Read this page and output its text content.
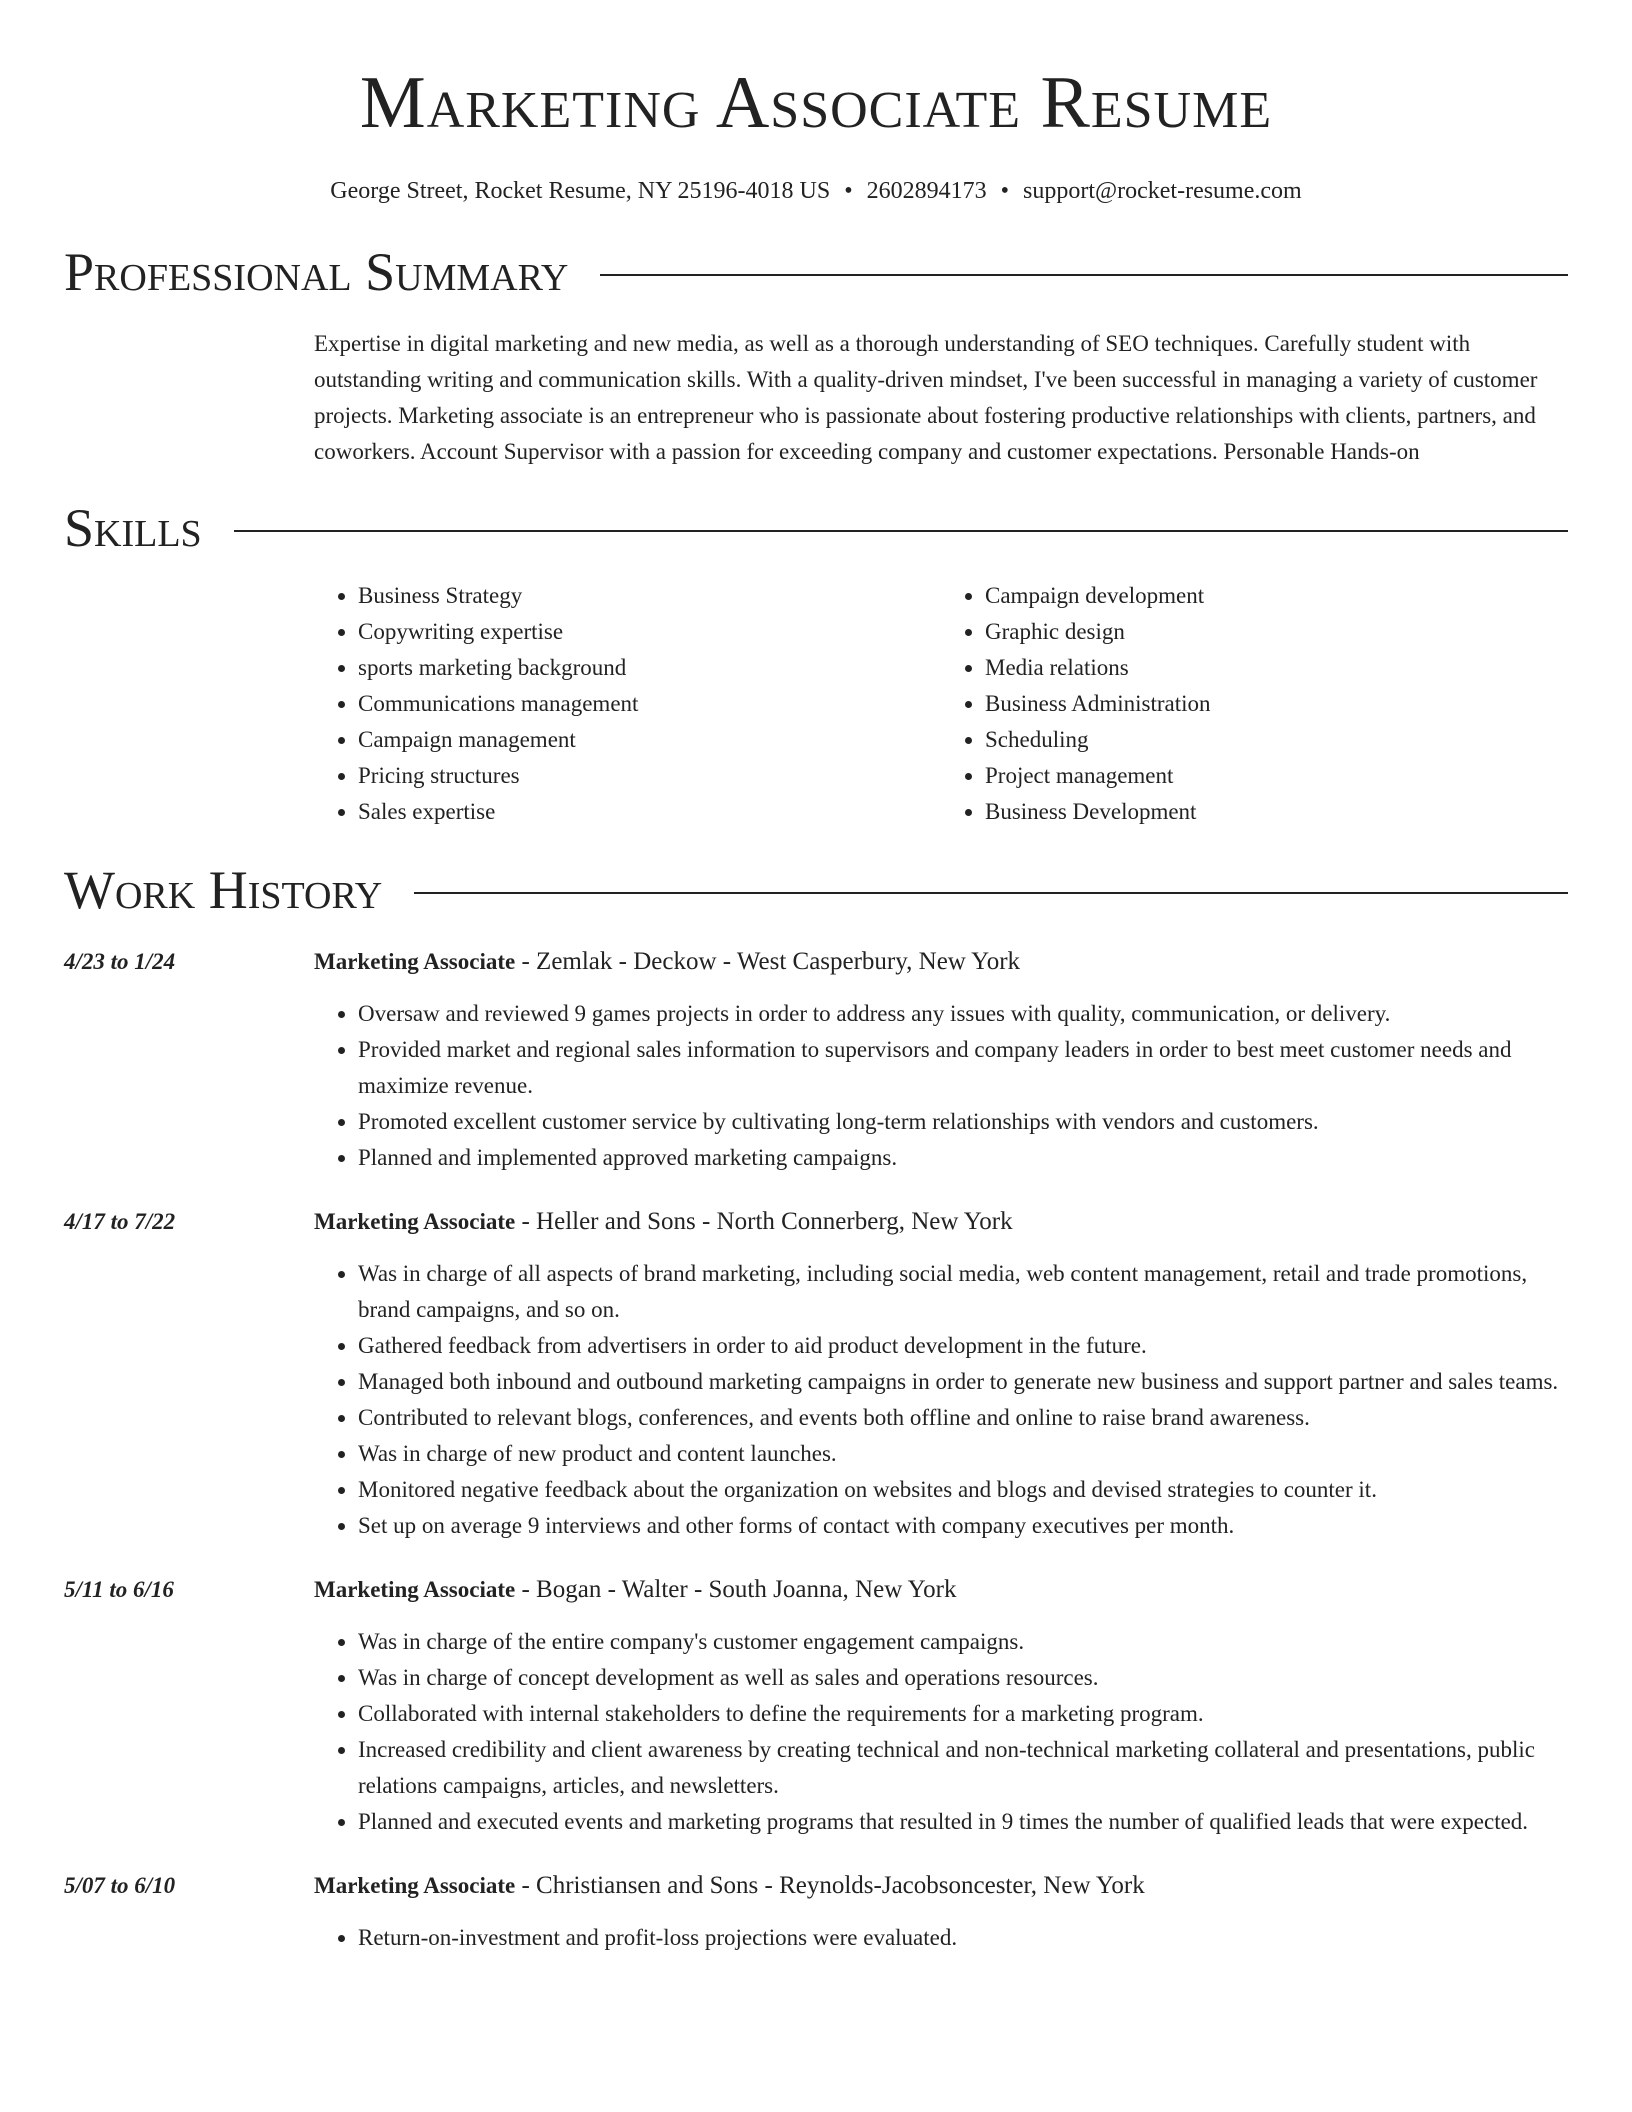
Marketing Associate Resume
George Street, Rocket Resume, NY 25196-4018 US • 2602894173 • support@rocket-resume.com
Professional Summary
Expertise in digital marketing and new media, as well as a thorough understanding of SEO techniques. Carefully student with outstanding writing and communication skills. With a quality-driven mindset, I've been successful in managing a variety of customer projects. Marketing associate is an entrepreneur who is passionate about fostering productive relationships with clients, partners, and coworkers. Account Supervisor with a passion for exceeding company and customer expectations. Personable Hands-on
Skills
• Business Strategy
• Copywriting expertise
• sports marketing background
• Communications management
• Campaign management
• Pricing structures
• Sales expertise
• Campaign development
• Graphic design
• Media relations
• Business Administration
• Scheduling
• Project management
• Business Development
Work History
4/23 to 1/24	Marketing Associate - Zemlak - Deckow - West Casperbury, New York
• Oversaw and reviewed 9 games projects in order to address any issues with quality, communication, or delivery.
• Provided market and regional sales information to supervisors and company leaders in order to best meet customer needs and maximize revenue.
• Promoted excellent customer service by cultivating long-term relationships with vendors and customers.
• Planned and implemented approved marketing campaigns.
4/17 to 7/22	Marketing Associate - Heller and Sons - North Connerberg, New York
• Was in charge of all aspects of brand marketing, including social media, web content management, retail and trade promotions, brand campaigns, and so on.
• Gathered feedback from advertisers in order to aid product development in the future.
• Managed both inbound and outbound marketing campaigns in order to generate new business and support partner and sales teams.
• Contributed to relevant blogs, conferences, and events both offline and online to raise brand awareness.
• Was in charge of new product and content launches.
• Monitored negative feedback about the organization on websites and blogs and devised strategies to counter it.
• Set up on average 9 interviews and other forms of contact with company executives per month.
5/11 to 6/16	Marketing Associate - Bogan - Walter - South Joanna, New York
• Was in charge of the entire company's customer engagement campaigns.
• Was in charge of concept development as well as sales and operations resources.
• Collaborated with internal stakeholders to define the requirements for a marketing program.
• Increased credibility and client awareness by creating technical and non-technical marketing collateral and presentations, public relations campaigns, articles, and newsletters.
• Planned and executed events and marketing programs that resulted in 9 times the number of qualified leads that were expected.
5/07 to 6/10	Marketing Associate - Christiansen and Sons - Reynolds-Jacobsoncester, New York
• Return-on-investment and profit-loss projections were evaluated.
